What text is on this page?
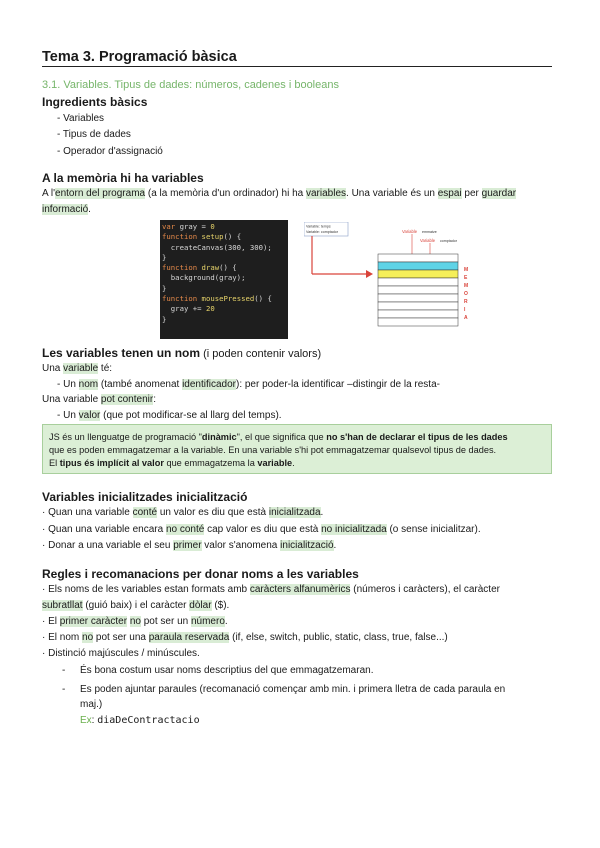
Tema 3. Programació bàsica
3.1. Variables. Tipus de dades: números, cadenes i booleans
Ingredients bàsics
- Variables
- Tipus de dades
- Operador d'assignació
A la memòria hi ha variables
A l'entorn del programa (a la memòria d'un ordinador) hi ha variables. Una variable és un espai per guardar
informació.
var gray = 0
function setup() {
createCanvas(300, 300);
}
function draw() {
background(gray);
}
function mousePressed() {
gray += 20
}
Variable: temps
Variable: comptador	Variable emmatze
Variable comptador
M
E
M
O
R
I
A
Les variables tenen un nom (i poden contenir valors)
Una variable té:
- Un nom (també anomenat identificador): per poder-la identificar –distingir de la resta-
Una variable pot contenir:
- Un valor (que pot modificar-se al llarg del temps).
JS és un llenguatge de programació "dinàmic", el que significa que no s'han de declarar el tipus de les dades
que es poden emmagatzemar a la variable. En una variable s'hi pot emmagatzemar qualsevol tipus de dades.
El tipus és implícit al valor que emmagatzema la variable.
Variables inicialitzades inicialització
· Quan una variable conté un valor es diu que està inicialitzada.
· Quan una variable encara no conté cap valor es diu que està no inicialitzada (o sense inicialitzar).
· Donar a una variable el seu primer valor s'anomena inicialització.
Regles i recomanacions per donar noms a les variables
· Els noms de les variables estan formats amb caràcters alfanumèrics (números i caràcters), el caràcter
subratllat (guió baix) i el caràcter dòlar ($).
· El primer caràcter no pot ser un número.
· El nom no pot ser una paraula reservada (if, else, switch, public, static, class, true, false...)
· Distinció majúscules / minúscules.
- És bona costum usar noms descriptius del que emmagatzemaran.
- Es poden ajuntar paraules (recomanació començar amb min. i primera lletra de cada paraula en
maj.)
Ex: diaDeContractacio
